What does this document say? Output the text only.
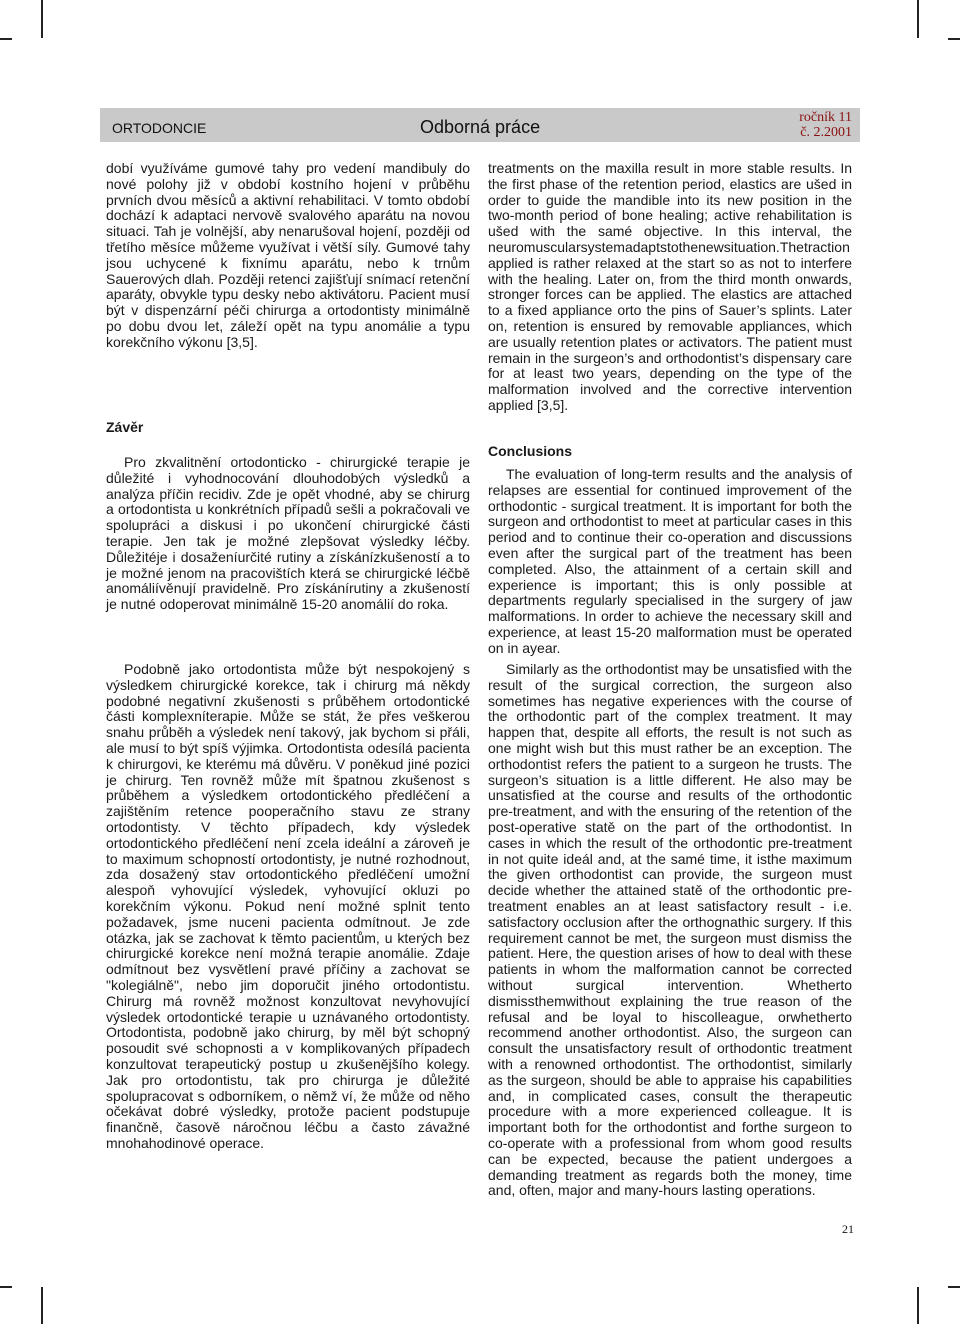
ORTODONCIE	Odborná práce	ročník 11
č. 2.2001

dobí využíváme gumové tahy pro vedení mandibuly do nové polohy již v období kostního hojení v průběhu prvních dvou měsíců a aktivní rehabilitaci. V tomto období dochází k adaptaci nervově svalového aparátu na novou situaci. Tah je volnější, aby nenarušoval hojení, později od třetího měsíce můžeme využívat i větší síly. Gumové tahy jsou uchycené k fixnímu aparátu, nebo k trnům Sauerových dlah. Později retenci zajišťují snímací retenční aparáty, obvykle typu desky nebo aktivátoru. Pacient musí být v dispenzární péči chirurga a ortodontisty minimálně po dobu dvou let, záleží opět na typu anomálie a typu korekčního výkonu [3,5].

Závěr

Pro zkvalitnění ortodonticko - chirurgické terapie je důležité i vyhodnocování dlouhodobých výsledků a analýza příčin recidiv. Zde je opět vhodné, aby se chirurg a ortodontista u konkrétních případů sešli a pokračovali ve spolupráci a diskusi i po ukončení chirurgické části terapie. Jen tak je možné zlepšovat výsledky léčby. Důležitéje i dosaženíurčité rutiny a získánízkušeností a to je možné jenom na pracovištích která se chirurgické léčbě anomáliívěnují pravidelně. Pro získánírutiny a zkušeností je nutné odoperovat minimálně 15-20 anomálií do roka.

Podobně jako ortodontista může být nespokojený s výsledkem chirurgické korekce, tak i chirurg má někdy podobné negativní zkušenosti s průběhem ortodontické části komplexníterapie. Může se stát, že přes veškerou snahu průběh a výsledek není takový, jak bychom si přáli, ale musí to být spíš výjimka. Ortodontista odesílá pacienta k chirurgovi, ke kterému má důvěru. V poněkud jiné pozici je chirurg. Ten rovněž může mít špatnou zkušenost s průběhem a výsledkem ortodontického předléčení a zajištěním retence pooperačního stavu ze strany ortodontisty. V těchto případech, kdy výsledek ortodontického předléčení není zcela ideální a zároveň je to maximum schopností ortodontisty, je nutné rozhodnout, zda dosažený stav ortodontického předléčení umožní alespoň vyhovující výsledek, vyhovující okluzi po korekčním výkonu. Pokud není možné splnit tento požadavek, jsme nuceni pacienta odmítnout. Je zde otázka, jak se zachovat k těmto pacientům, u kterých bez chirurgické korekce není možná terapie anomálie. Zdaje odmítnout bez vysvětlení pravé příčiny a zachovat se "kolegiálně", nebo jim doporučit jiného ortodontistu. Chirurg má rovněž možnost konzultovat nevyhovující výsledek ortodontické terapie u uznávaného ortodontisty. Ortodontista, podobně jako chirurg, by měl být schopný posoudit své schopnosti a v komplikovaných případech konzultovat terapeutický postup u zkušenějšího kolegy. Jak pro ortodontistu, tak pro chirurga je důležité spolupracovat s odborníkem, o němž ví, že může od něho očekávat dobré výsledky, protože pacient podstupuje finančně, časově náročnou léčbu a často závažné mnohahodinové operace.

treatments on the maxilla result in more stable results. In the first phase of the retention period, elastics are ušed in order to guide the mandible into its new position in the two-month period of bone healing; active rehabilitation is ušed with the samé objective. In this interval, the neuromuscularsystemadaptstothenewsituation.Thetraction applied is rather relaxed at the start so as not to interfere with the healing. Later on, from the third month onwards, stronger forces can be applied. The elastics are attached to a fixed appliance orto the pins of Sauer’s splints. Later on, retention is ensured by removable appliances, which are usually retention plates or activators. The patient must remain in the surgeon’s and orthodontist’s dispensary care for at least two years, depending on the type of the malformation involved and the corrective intervention applied [3,5].

Conclusions

The evaluation of long-term results and the analysis of relapses are essential for continued improvement of the orthodontic - surgical treatment. It is important for both the surgeon and orthodontist to meet at particular cases in this period and to continue their co-operation and discussions even after the surgical part of the treatment has been completed. Also, the attainment of a certain skill and experience is important; this is only possible at departments regularly specialised in the surgery of jaw malformations. In order to achieve the necessary skill and experience, at least 15-20 malformation must be operated on in ayear.

Similarly as the orthodontist may be unsatisfied with the result of the surgical correction, the surgeon also sometimes has negative experiences with the course of the orthodontic part of the complex treatment. It may happen that, despite all efforts, the result is not such as one might wish but this must rather be an exception. The orthodontist refers the patient to a surgeon he trusts. The surgeon’s situation is a little different. He also may be unsatisfied at the course and results of the orthodontic pre-treatment, and with the ensuring of the retention of the post-operative statě on the part of the orthodontist. In cases in which the result of the orthodontic pre-treatment in not quite ideál and, at the samé time, it isthe maximum the given orthodontist can provide, the surgeon must decide whether the attained statě of the orthodontic pre-treatment enables an at least satisfactory result - i.e. satisfactory occlusion after the orthognathic surgery. If this requirement cannot be met, the surgeon must dismiss the patient. Here, the question arises of how to deal with these patients in whom the malformation cannot be corrected without surgical intervention. Whetherto dismissthemwithout explaining the true reason of the refusal and be loyal to hiscolleague, orwhetherto recommend another orthodontist. Also, the surgeon can consult the unsatisfactory result of orthodontic treatment with a renowned orthodontist. The orthodontist, similarly as the surgeon, should be able to appraise his capabilities and, in complicated cases, consult the therapeutic procedure with a more experienced colleague. It is important both for the orthodontist and forthe surgeon to co-operate with a professional from whom good results can be expected, because the patient undergoes a demanding treatment as regards both the money, time and, often, major and many-hours lasting operations.

21
